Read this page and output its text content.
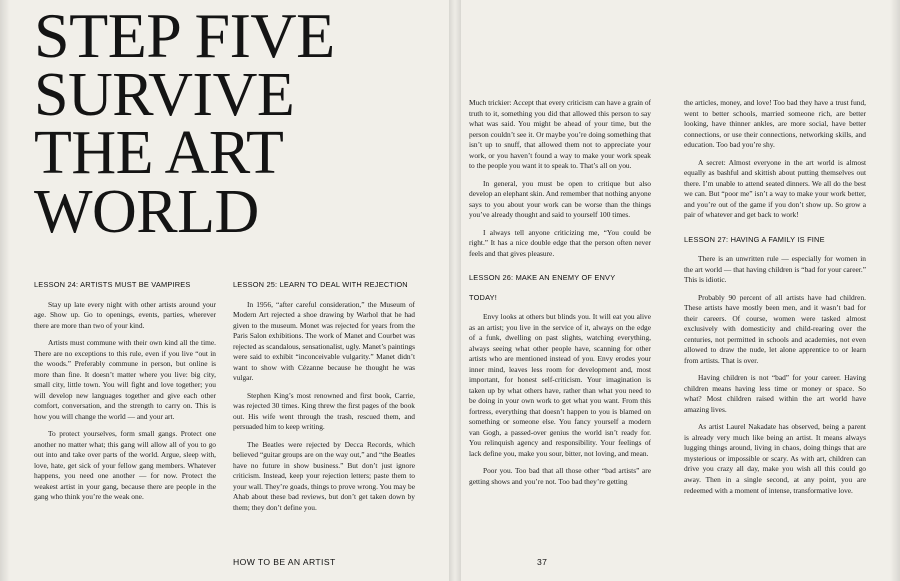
STEP FIVE
SURVIVE
THE ART
WORLD
LESSON 24: ARTISTS MUST BE VAMPIRES

Stay up late every night with other artists around your age. Show up. Go to openings, events, parties, wherever there are more than two of your kind.

Artists must commune with their own kind all the time. There are no exceptions to this rule, even if you live “out in the woods.” Preferably commune in person, but online is more than fine. It doesn’t matter where you live: big city, small city, little town. You will fight and love together; you will develop new languages together and give each other comfort, conversation, and the strength to carry on. This is how you will change the world — and your art.

To protect yourselves, form small gangs. Protect one another no matter what; this gang will allow all of you to go out into and take over parts of the world. Argue, sleep with, love, hate, get sick of your fellow gang members. Whatever happens, you need one another — for now. Protect the weakest artist in your gang, because there are people in the gang who think you’re the weak one.

LESSON 25: LEARN TO DEAL WITH REJECTION

In 1956, “after careful consideration,” the Museum of Modern Art rejected a shoe drawing by Warhol that he had given to the museum. Monet was rejected for years from the Paris Salon exhibitions. The work of Manet and Courbet was rejected as scandalous, sensationalist, ugly. Manet’s paintings were said to exhibit “inconceivable vulgarity.” Manet didn’t want to show with Cézanne because he thought he was vulgar.

Stephen King’s most renowned and first book, Carrie, was rejected 30 times. King threw the first pages of the book out. His wife went through the trash, rescued them, and persuaded him to keep writing.

The Beatles were rejected by Decca Records, which believed “guitar groups are on the way out,” and “the Beatles have no future in show business.” But don’t just ignore criticism. Instead, keep your rejection letters; paste them to your wall. They’re goads, things to prove wrong. You may be Ahab about these bad reviews, but don’t get taken down by them; they don’t define you.

Much trickier: Accept that every criticism can have a grain of truth to it, something you did that allowed this person to say what was said. You might be ahead of your time, but the person couldn’t see it. Or maybe you’re doing something that isn’t up to snuff, that allowed them not to appreciate your work, or you haven’t found a way to make your work speak to the people you want it to speak to. That’s all on you.

In general, you must be open to critique but also develop an elephant skin. And remember that nothing anyone says to you about your work can be worse than the things you’ve already thought and said to yourself 100 times.

I always tell anyone criticizing me, “You could be right.” It has a nice double edge that the person often never feels and that gives pleasure.

LESSON 26: MAKE AN ENEMY OF ENVY
TODAY!

Envy looks at others but blinds you. It will eat you alive as an artist; you live in the service of it, always on the edge of a funk, dwelling on past slights, watching everything, always seeing what other people have, scanning for other artists who are mentioned instead of you. Envy erodes your inner mind, leaves less room for development and, most important, for honest self-criticism. Your imagination is taken up by what others have, rather than what you need to be doing in your own work to get what you want. From this fortress, everything that doesn’t happen to you is blamed on something or someone else. You fancy yourself a modern van Gogh, a passed-over genius the world isn’t ready for. You relinquish agency and responsibility. Your feelings of lack define you, make you sour, bitter, not loving, and mean.

Poor you. Too bad that all those other “bad artists” are getting shows and you’re not. Too bad they’re getting

the articles, money, and love! Too bad they have a trust fund, went to better schools, married someone rich, are better looking, have thinner ankles, are more social, have better connections, or use their connections, networking skills, and education. Too bad you’re shy.

A secret: Almost everyone in the art world is almost equally as bashful and skittish about putting themselves out there. I’m unable to attend seated dinners. We all do the best we can. But “poor me” isn’t a way to make your work better, and you’re out of the game if you don’t show up. So grow a pair of whatever and get back to work!

LESSON 27: HAVING A FAMILY IS FINE

There is an unwritten rule — especially for women in the art world — that having children is “bad for your career.” This is idiotic.

Probably 90 percent of all artists have had children. These artists have mostly been men, and it wasn’t bad for their careers. Of course, women were tasked almost exclusively with domesticity and child-rearing over the centuries, not permitted in schools and academies, not even allowed to draw the nude, let alone apprentice to or learn from artists. That is over.

Having children is not “bad” for your career. Having children means having less time or money or space. So what? Most children raised within the art world have amazing lives.

As artist Laurel Nakadate has observed, being a parent is already very much like being an artist. It means always lugging things around, living in chaos, doing things that are mysterious or impossible or scary. As with art, children can drive you crazy all day, make you wish all this could go away. Then in a single second, at any point, you are redeemed with a moment of intense, transformative love.

HOW TO BE AN ARTIST	37
